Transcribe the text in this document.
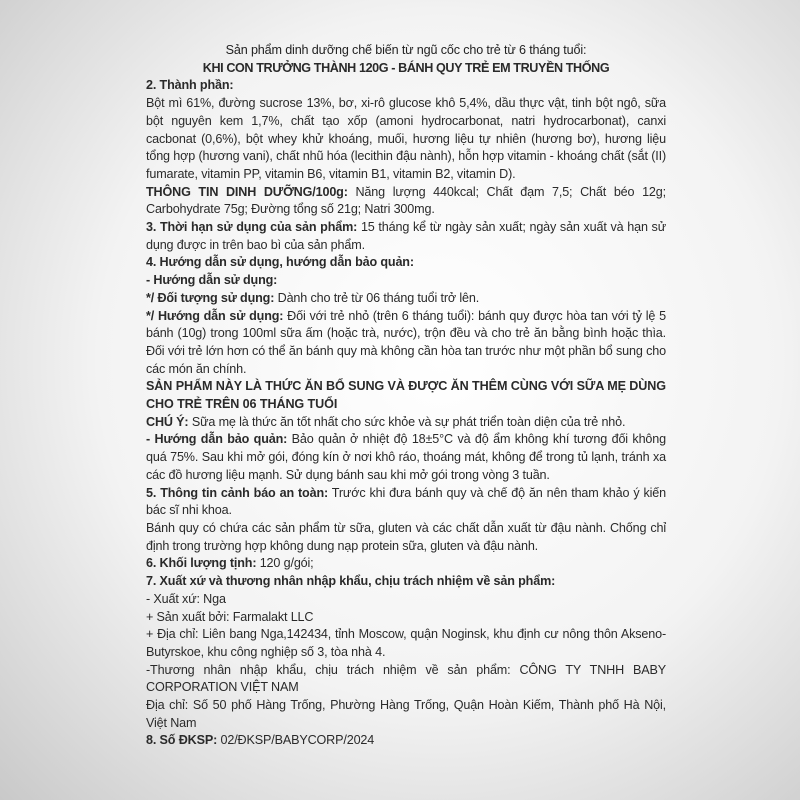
Sản phẩm dinh dưỡng chế biến từ ngũ cốc cho trẻ từ 6 tháng tuổi:
KHI CON TRƯỞNG THÀNH 120G - BÁNH QUY TRẺ EM TRUYỀN THỐNG

2. Thành phần:

Bột mì 61%, đường sucrose 13%, bơ, xi-rô glucose khô 5,4%, dầu thực vật, tinh bột ngô, sữa bột nguyên kem 1,7%, chất tạo xốp (amoni hydrocarbonat, natri hydrocarbonat), canxi cacbonat (0,6%), bột whey khử khoáng, muối, hương liệu tự nhiên (hương bơ), hương liệu tổng hợp (hương vani), chất nhũ hóa (lecithin đậu nành), hỗn hợp vitamin - khoáng chất (sắt (II) fumarate, vitamin PP, vitamin B6, vitamin B1, vitamin B2, vitamin D).

THÔNG TIN DINH DƯỠNG/100g: Năng lượng 440kcal; Chất đạm 7,5; Chất béo 12g; Carbohydrate 75g; Đường tổng số 21g; Natri 300mg.

3. Thời hạn sử dụng của sản phẩm: 15 tháng kể từ ngày sản xuất; ngày sản xuất và hạn sử dụng được in trên bao bì của sản phẩm.

4. Hướng dẫn sử dụng, hướng dẫn bảo quản:

- Hướng dẫn sử dụng:

*/ Đối tượng sử dụng: Dành cho trẻ từ 06 tháng tuổi trở lên.

*/ Hướng dẫn sử dụng: Đối với trẻ nhỏ (trên 6 tháng tuổi): bánh quy được hòa tan với tỷ lệ 5 bánh (10g) trong 100ml sữa ấm (hoặc trà, nước), trộn đều và cho trẻ ăn bằng bình hoặc thìa. Đối với trẻ lớn hơn có thể ăn bánh quy mà không cần hòa tan trước như một phần bổ sung cho các món ăn chính.

SẢN PHẨM NÀY LÀ THỨC ĂN BỔ SUNG VÀ ĐƯỢC ĂN THÊM CÙNG VỚI SỮA MẸ DÙNG CHO TRẺ TRÊN 06 THÁNG TUỔI

CHÚ Ý: Sữa mẹ là thức ăn tốt nhất cho sức khỏe và sự phát triển toàn diện của trẻ nhỏ.

- Hướng dẫn bảo quản: Bảo quản ở nhiệt độ 18±5°C và độ ẩm không khí tương đối không quá 75%. Sau khi mở gói, đóng kín ở nơi khô ráo, thoáng mát, không để trong tủ lạnh, tránh xa các đồ hương liệu mạnh. Sử dụng bánh sau khi mở gói trong vòng 3 tuần.

5. Thông tin cảnh báo an toàn: Trước khi đưa bánh quy và chế độ ăn nên tham khảo ý kiến bác sĩ nhi khoa.

Bánh quy có chứa các sản phẩm từ sữa, gluten và các chất dẫn xuất từ đậu nành. Chống chỉ định trong trường hợp không dung nạp protein sữa, gluten và đậu nành.

6. Khối lượng tịnh: 120 g/gói;

7. Xuất xứ và thương nhân nhập khẩu, chịu trách nhiệm về sản phẩm:

- Xuất xứ: Nga

+ Sản xuất bởi: Farmalakt LLC

+ Địa chỉ: Liên bang Nga,142434, tỉnh Moscow, quận Noginsk, khu định cư nông thôn Akseno-Butyrskoe, khu công nghiệp số 3, tòa nhà 4.

-Thương nhân nhập khẩu, chịu trách nhiệm về sản phẩm: CÔNG TY TNHH BABY CORPORATION VIỆT NAM

Địa chỉ: Số 50 phố Hàng Trống, Phường Hàng Trống, Quận Hoàn Kiếm, Thành phố Hà Nội, Việt Nam

8. Số ĐKSP: 02/ĐKSP/BABYCORP/2024
